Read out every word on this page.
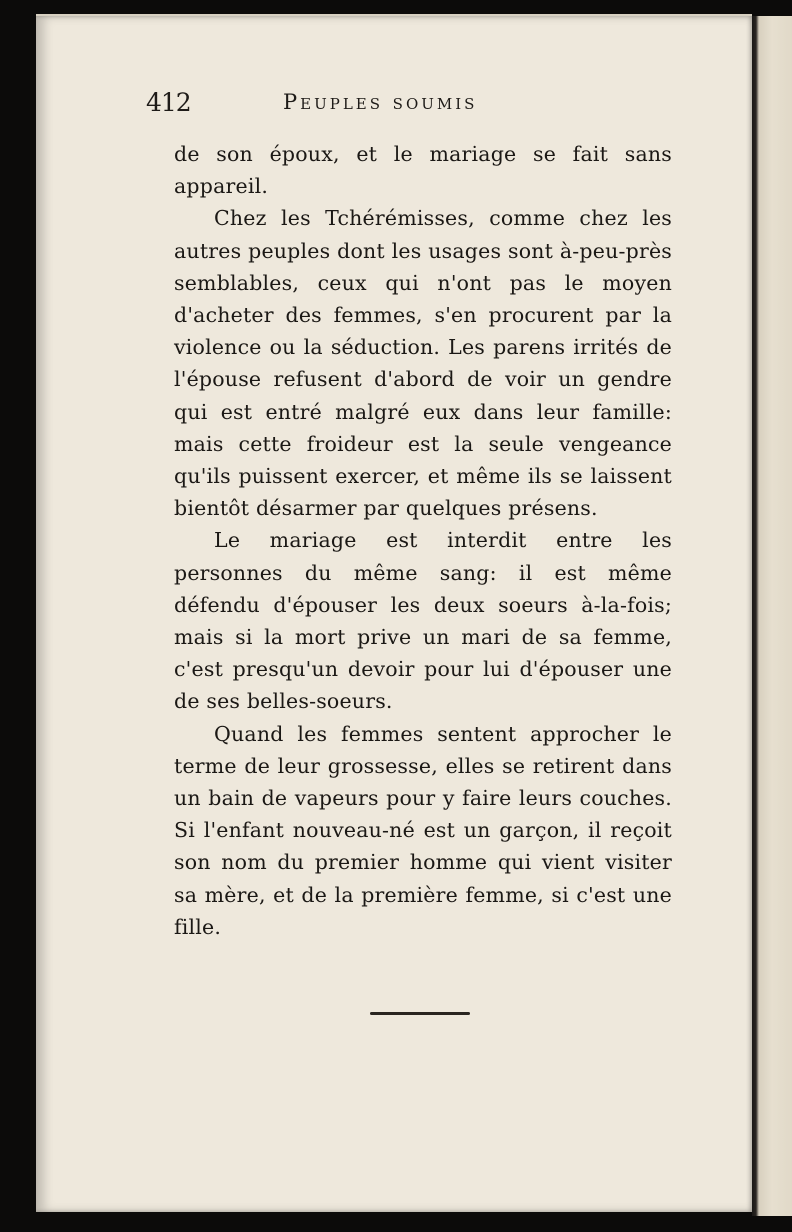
412	Peuples soumis

de son époux, et le mariage se fait sans appareil.

Chez les Tchérémisses, comme chez les autres peuples dont les usages sont à-peu-près semblables, ceux qui n'ont pas le moyen d'acheter des femmes, s'en procurent par la violence ou la séduction. Les parens irrités de l'épouse refusent d'abord de voir un gendre qui est entré malgré eux dans leur famille: mais cette froideur est la seule vengeance qu'ils puissent exercer, et même ils se laissent bientôt désarmer par quelques présens.

Le mariage est interdit entre les personnes du même sang: il est même défendu d'épouser les deux soeurs à-la-fois; mais si la mort prive un mari de sa femme, c'est presqu'un devoir pour lui d'épouser une de ses belles-soeurs.

Quand les femmes sentent approcher le terme de leur grossesse, elles se retirent dans un bain de vapeurs pour y faire leurs couches. Si l'enfant nouveau-né est un garçon, il reçoit son nom du premier homme qui vient visiter sa mère, et de la première femme, si c'est une fille.
